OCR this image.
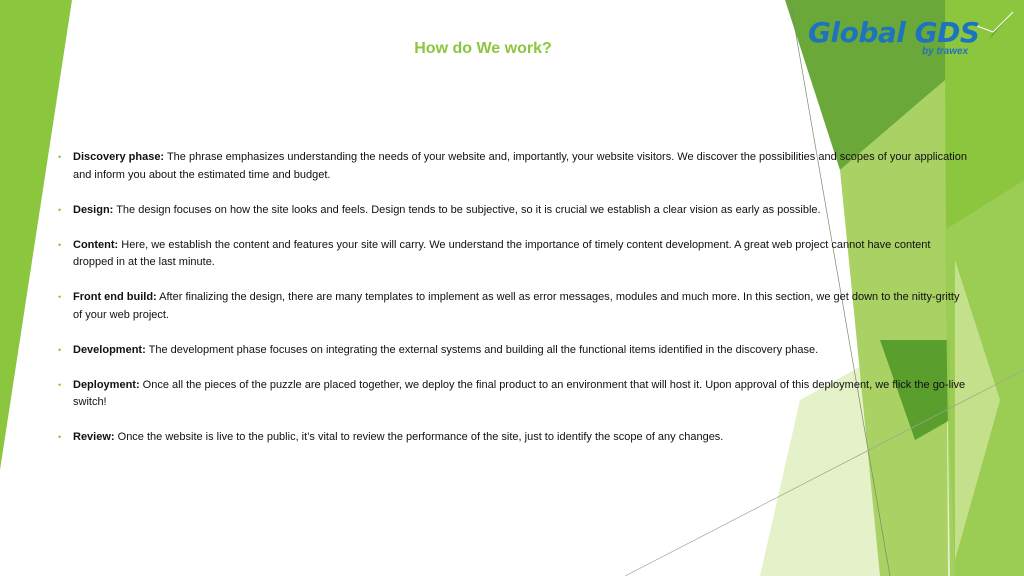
How do We work?	Global GDS
by trawex
• Discovery phase: The phrase emphasizes understanding the needs of your website and, importantly, your website visitors. We discover the possibilities and scopes of your application and inform you about the estimated time and budget.
• Design: The design focuses on how the site looks and feels. Design tends to be subjective, so it is crucial we establish a clear vision as early as possible.
• Content: Here, we establish the content and features your site will carry. We understand the importance of timely content development. A great web project cannot have content dropped in at the last minute.
• Front end build: After finalizing the design, there are many templates to implement as well as error messages, modules and much more. In this section, we get down to the nitty-gritty of your web project.
• Development: The development phase focuses on integrating the external systems and building all the functional items identified in the discovery phase.
• Deployment: Once all the pieces of the puzzle are placed together, we deploy the final product to an environment that will host it. Upon approval of this deployment, we flick the go-live switch!
• Review: Once the website is live to the public, it’s vital to review the performance of the site, just to identify the scope of any changes.
